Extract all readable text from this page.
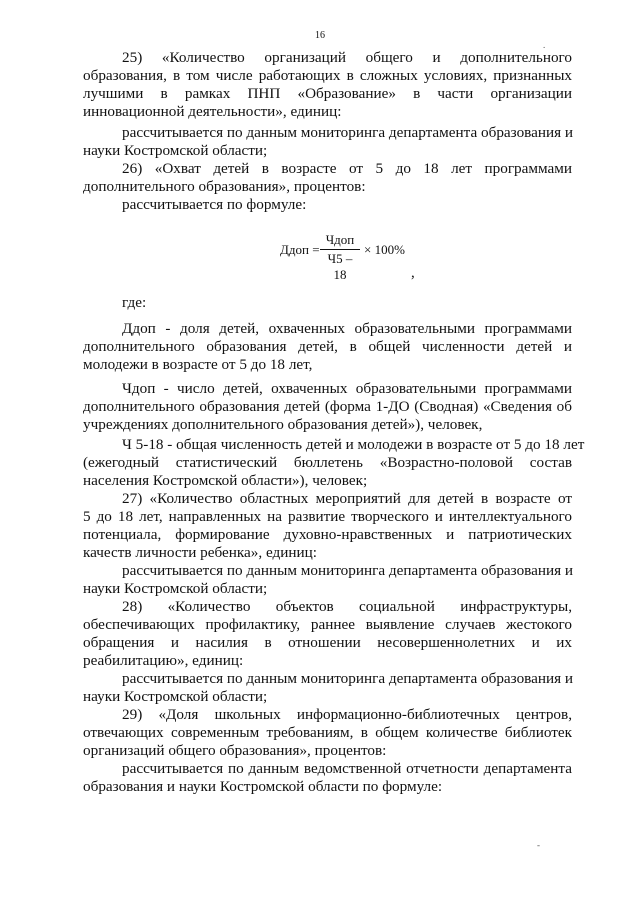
16
.
-
25) «Количество организаций общего и дополнительного
образования, в том числе работающих в сложных условиях, признанных
лучшими в рамках ПНП «Образование» в части организации
инновационной деятельности», единиц:
рассчитывается по данным мониторинга департамента образования и
науки Костромской области;
26) «Охват детей в возрасте от 5 до 18 лет программами
дополнительного образования», процентов:
рассчитывается по формуле:
Ддоп =
Чдоп
Ч5 – 18
× 100%
,
где:
Ддоп - доля детей, охваченных образовательными программами
дополнительного образования детей, в общей численности детей и
молодежи в возрасте от 5 до 18 лет,
Чдоп - число детей, охваченных образовательными программами
дополнительного образования детей (форма 1-ДО (Сводная) «Сведения об
учреждениях дополнительного образования детей»), человек,
Ч 5-18 - общая численность детей и молодежи в возрасте от 5 до 18 лет
(ежегодный статистический бюллетень «Возрастно-половой состав
населения Костромской области»), человек;
27) «Количество областных мероприятий для детей в возрасте от
5 до 18 лет, направленных на развитие творческого и интеллектуального
потенциала, формирование духовно-нравственных и патриотических
качеств личности ребенка», единиц:
рассчитывается по данным мониторинга департамента образования и
науки Костромской области;
28) «Количество объектов социальной инфраструктуры,
обеспечивающих профилактику, раннее выявление случаев жестокого
обращения и насилия в отношении несовершеннолетних и их
реабилитацию», единиц:
рассчитывается по данным мониторинга департамента образования и
науки Костромской области;
29) «Доля школьных информационно-библиотечных центров,
отвечающих современным требованиям, в общем количестве библиотек
организаций общего образования», процентов:
рассчитывается по данным ведомственной отчетности департамента
образования и науки Костромской области по формуле:
